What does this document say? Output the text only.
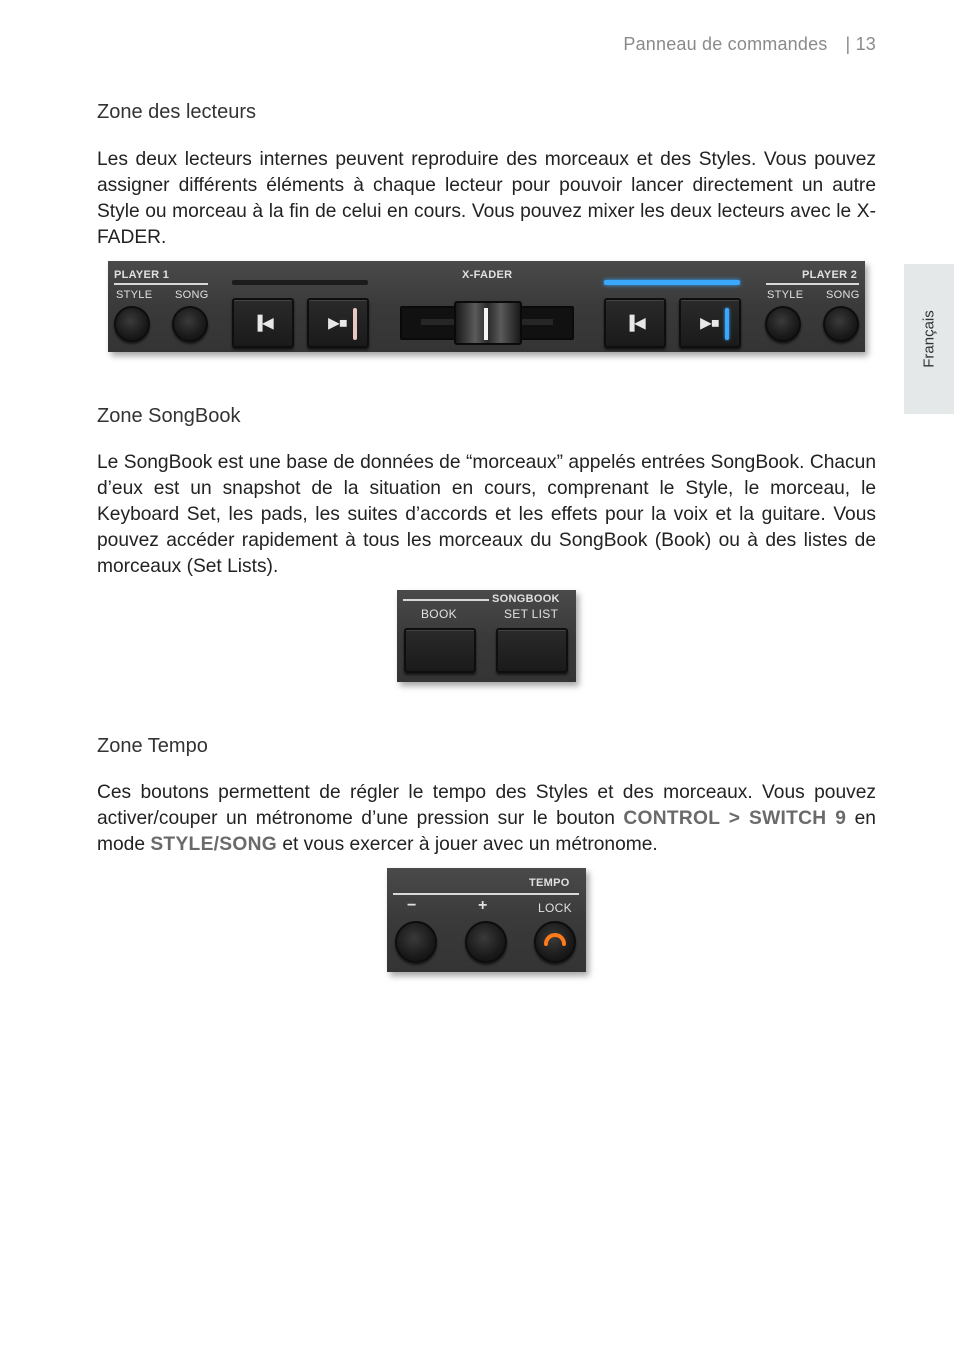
Panneau de commandes | 13
Français
Zone des lecteurs
Les deux lecteurs internes peuvent reproduire des morceaux et des Styles. Vous pouvez assigner différents éléments à chaque lecteur pour pouvoir lancer directement un autre Style ou morceau à la fin de celui en cours. Vous pouvez mixer les deux lecteurs avec le X-FADER.
PLAYER 1
STYLE SONG
▐◀	▶■
X-FADER
▐◀	▶■
PLAYER 2
STYLE SONG
Zone SongBook
Le SongBook est une base de données de “morceaux” appelés entrées SongBook. Chacun d’eux est un snapshot de la situation en cours, comprenant le Style, le morceau, le Keyboard Set, les pads, les suites d’accords et les effets pour la voix et la guitare. Vous pouvez accéder rapidement à tous les morceaux du SongBook (Book) ou à des listes de morceaux (Set Lists).
SONGBOOK
BOOK	SET LIST
Zone Tempo
Ces boutons permettent de régler le tempo des Styles et des morceaux. Vous pouvez activer/couper un métronome d’une pression sur le bouton CONTROL > SWITCH 9 en mode STYLE/SONG et vous exercer à jouer avec un métronome.
TEMPO
−	+	LOCK
